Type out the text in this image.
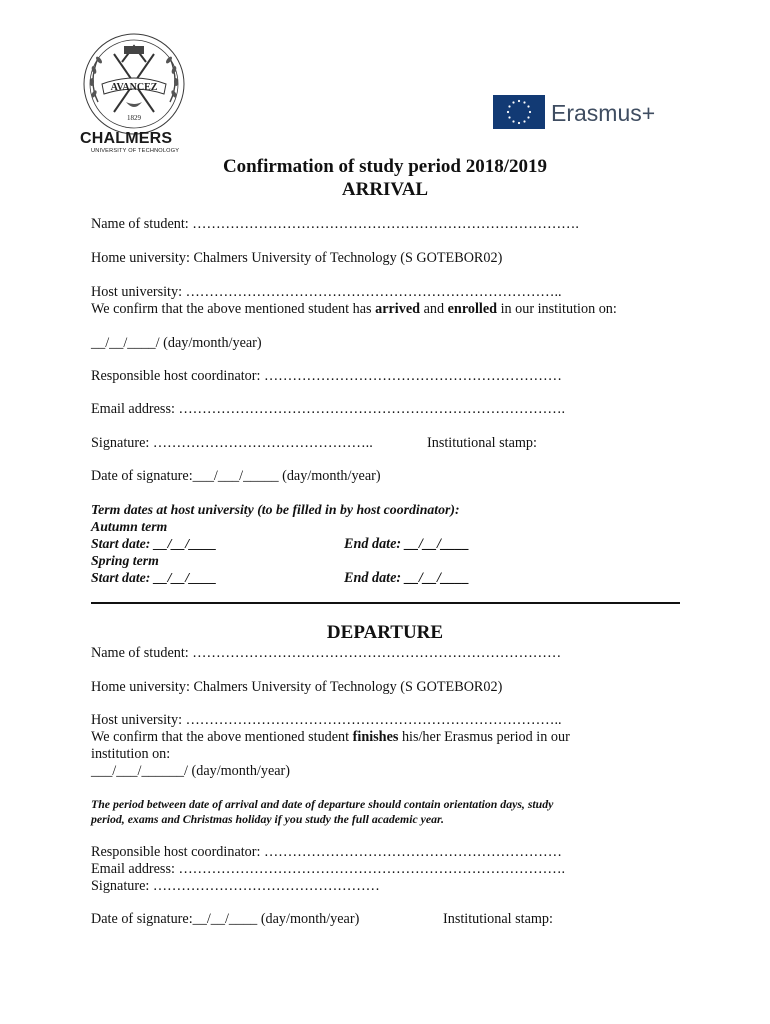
AVANCEZ
1829
CHALMERS
UNIVERSITY OF TECHNOLOGY
Erasmus+
Confirmation of study period 2018/2019
ARRIVAL
Name of student: ……………………………………………………………………….
Home university: Chalmers University of Technology (S GOTEBOR02)
Host university: ……………………………………………………………………..
We confirm that the above mentioned student has arrived and enrolled in our institution on:
__/__/____/ (day/month/year)
Responsible host coordinator: ………………………………………………………
Email address: ……………………………………………………………………….
Signature: ………………………………………..	Institutional stamp:
Date of signature:___/___/_____ (day/month/year)
Term dates at host university (to be filled in by host coordinator):
Autumn term
Start date: __/__/____	End date: __/__/____
Spring term
Start date: __/__/____	End date: __/__/____
DEPARTURE
Name of student: ……………………………………………………………………
Home university: Chalmers University of Technology (S GOTEBOR02)
Host university: ……………………………………………………………………..
We confirm that the above mentioned student finishes his/her Erasmus period in our
institution on:
___/___/______/ (day/month/year)
The period between date of arrival and date of departure should contain orientation days, study
period, exams and Christmas holiday if you study the full academic year.
Responsible host coordinator: ………………………………………………………
Email address: ……………………………………………………………………….
Signature: …………………………………………
Date of signature:__/__/____ (day/month/year)	Institutional stamp:
